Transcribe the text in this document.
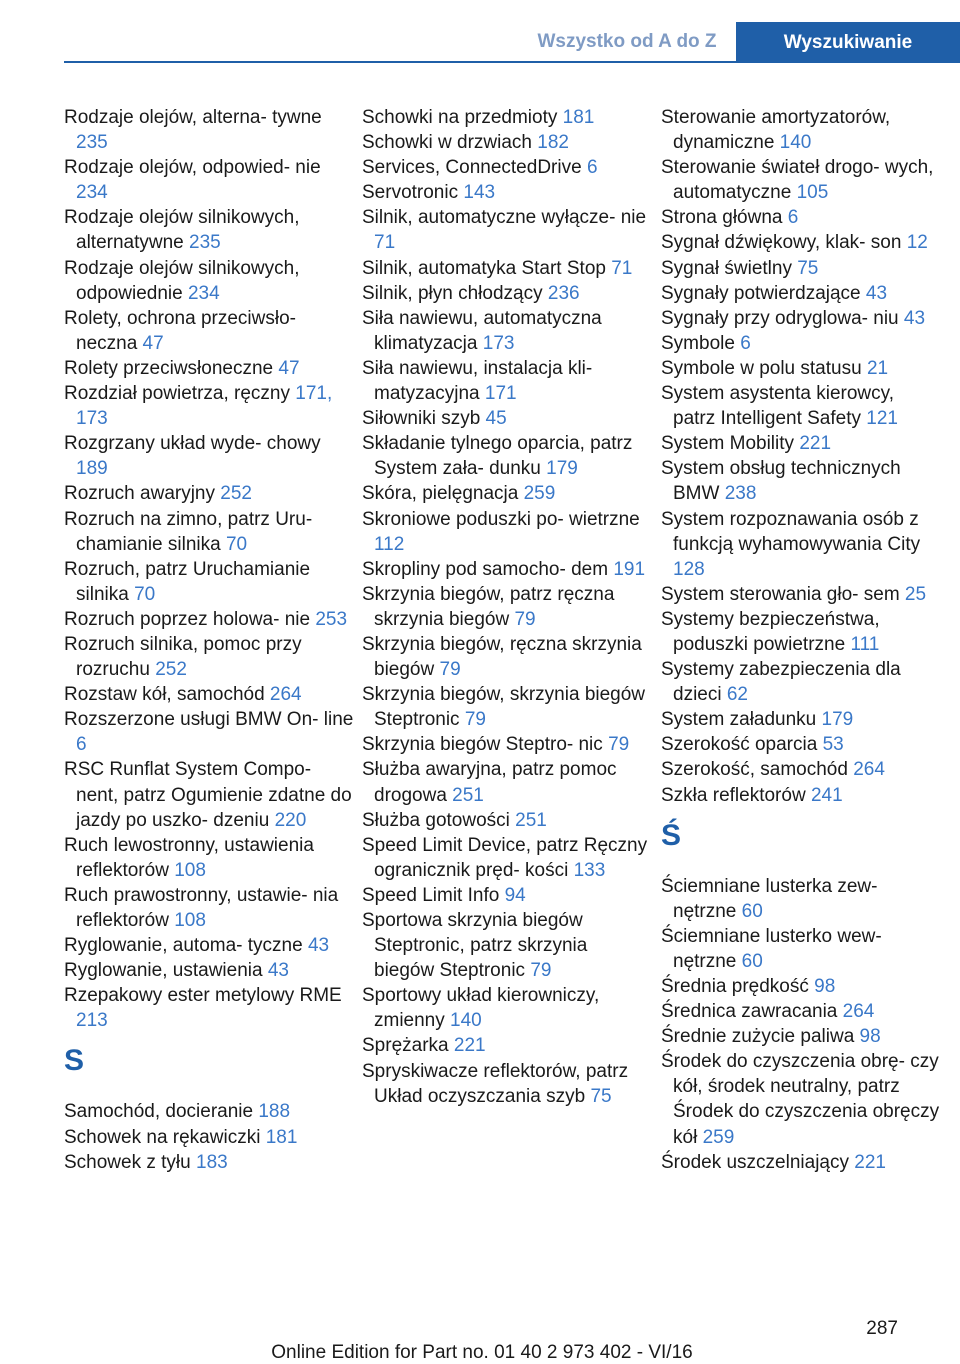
Wszystko od A do Z	Wyszukiwanie
Rodzaje olejów, alterna- tywne 235
Rodzaje olejów, odpowied- nie 234
Rodzaje olejów silnikowych, alternatywne 235
Rodzaje olejów silnikowych, odpowiednie 234
Rolety, ochrona przeciwsło- neczna 47
Rolety przeciwsłoneczne 47
Rozdział powietrza, ręczny 171, 173
Rozgrzany układ wyde- chowy 189
Rozruch awaryjny 252
Rozruch na zimno, patrz Uru- chamianie silnika 70
Rozruch, patrz Uruchamianie silnika 70
Rozruch poprzez holowa- nie 253
Rozruch silnika, pomoc przy rozruchu 252
Rozstaw kół, samochód 264
Rozszerzone usługi BMW On- line 6
RSC Runflat System Compo- nent, patrz Ogumienie zdatne do jazdy po uszko- dzeniu 220
Ruch lewostronny, ustawienia reflektorów 108
Ruch prawostronny, ustawie- nia reflektorów 108
Ryglowanie, automa- tyczne 43
Ryglowanie, ustawienia 43
Rzepakowy ester metylowy RME 213
S
Samochód, docieranie 188
Schowek na rękawiczki 181
Schowek z tyłu 183
Schowki na przedmioty 181
Schowki w drzwiach 182
Services, ConnectedDrive 6
Servotronic 143
Silnik, automatyczne wyłącze- nie 71
Silnik, automatyka Start Stop 71
Silnik, płyn chłodzący 236
Siła nawiewu, automatyczna klimatyzacja 173
Siła nawiewu, instalacja kli- matyzacyjna 171
Siłowniki szyb 45
Składanie tylnego oparcia, patrz System zała- dunku 179
Skóra, pielęgnacja 259
Skroniowe poduszki po- wietrzne 112
Skropliny pod samocho- dem 191
Skrzynia biegów, patrz ręczna skrzynia biegów 79
Skrzynia biegów, ręczna skrzynia biegów 79
Skrzynia biegów, skrzynia biegów Steptronic 79
Skrzynia biegów Steptro- nic 79
Służba awaryjna, patrz pomoc drogowa 251
Służba gotowości 251
Speed Limit Device, patrz Ręczny ogranicznik pręd- kości 133
Speed Limit Info 94
Sportowa skrzynia biegów Steptronic, patrz skrzynia biegów Steptronic 79
Sportowy układ kierowniczy, zmienny 140
Sprężarka 221
Spryskiwacze reflektorów, patrz Układ oczyszczania szyb 75
Sterowanie amortyzatorów, dynamiczne 140
Sterowanie świateł drogo- wych, automatyczne 105
Strona główna 6
Sygnał dźwiękowy, klak- son 12
Sygnał świetlny 75
Sygnały potwierdzające 43
Sygnały przy odryglowa- niu 43
Symbole 6
Symbole w polu statusu 21
System asystenta kierowcy, patrz Intelligent Safety 121
System Mobility 221
System obsług technicznych BMW 238
System rozpoznawania osób z funkcją wyhamowywania City 128
System sterowania gło- sem 25
Systemy bezpieczeństwa, poduszki powietrzne 111
Systemy zabezpieczenia dla dzieci 62
System załadunku 179
Szerokość oparcia 53
Szerokość, samochód 264
Szkła reflektorów 241
Ś
Ściemniane lusterka zew- nętrzne 60
Ściemniane lusterko wew- nętrzne 60
Średnia prędkość 98
Średnica zawracania 264
Średnie zużycie paliwa 98
Środek do czyszczenia obrę- czy kół, środek neutralny, patrz Środek do czyszczenia obręczy kół 259
Środek uszczelniający 221
287
Online Edition for Part no. 01 40 2 973 402 - VI/16
